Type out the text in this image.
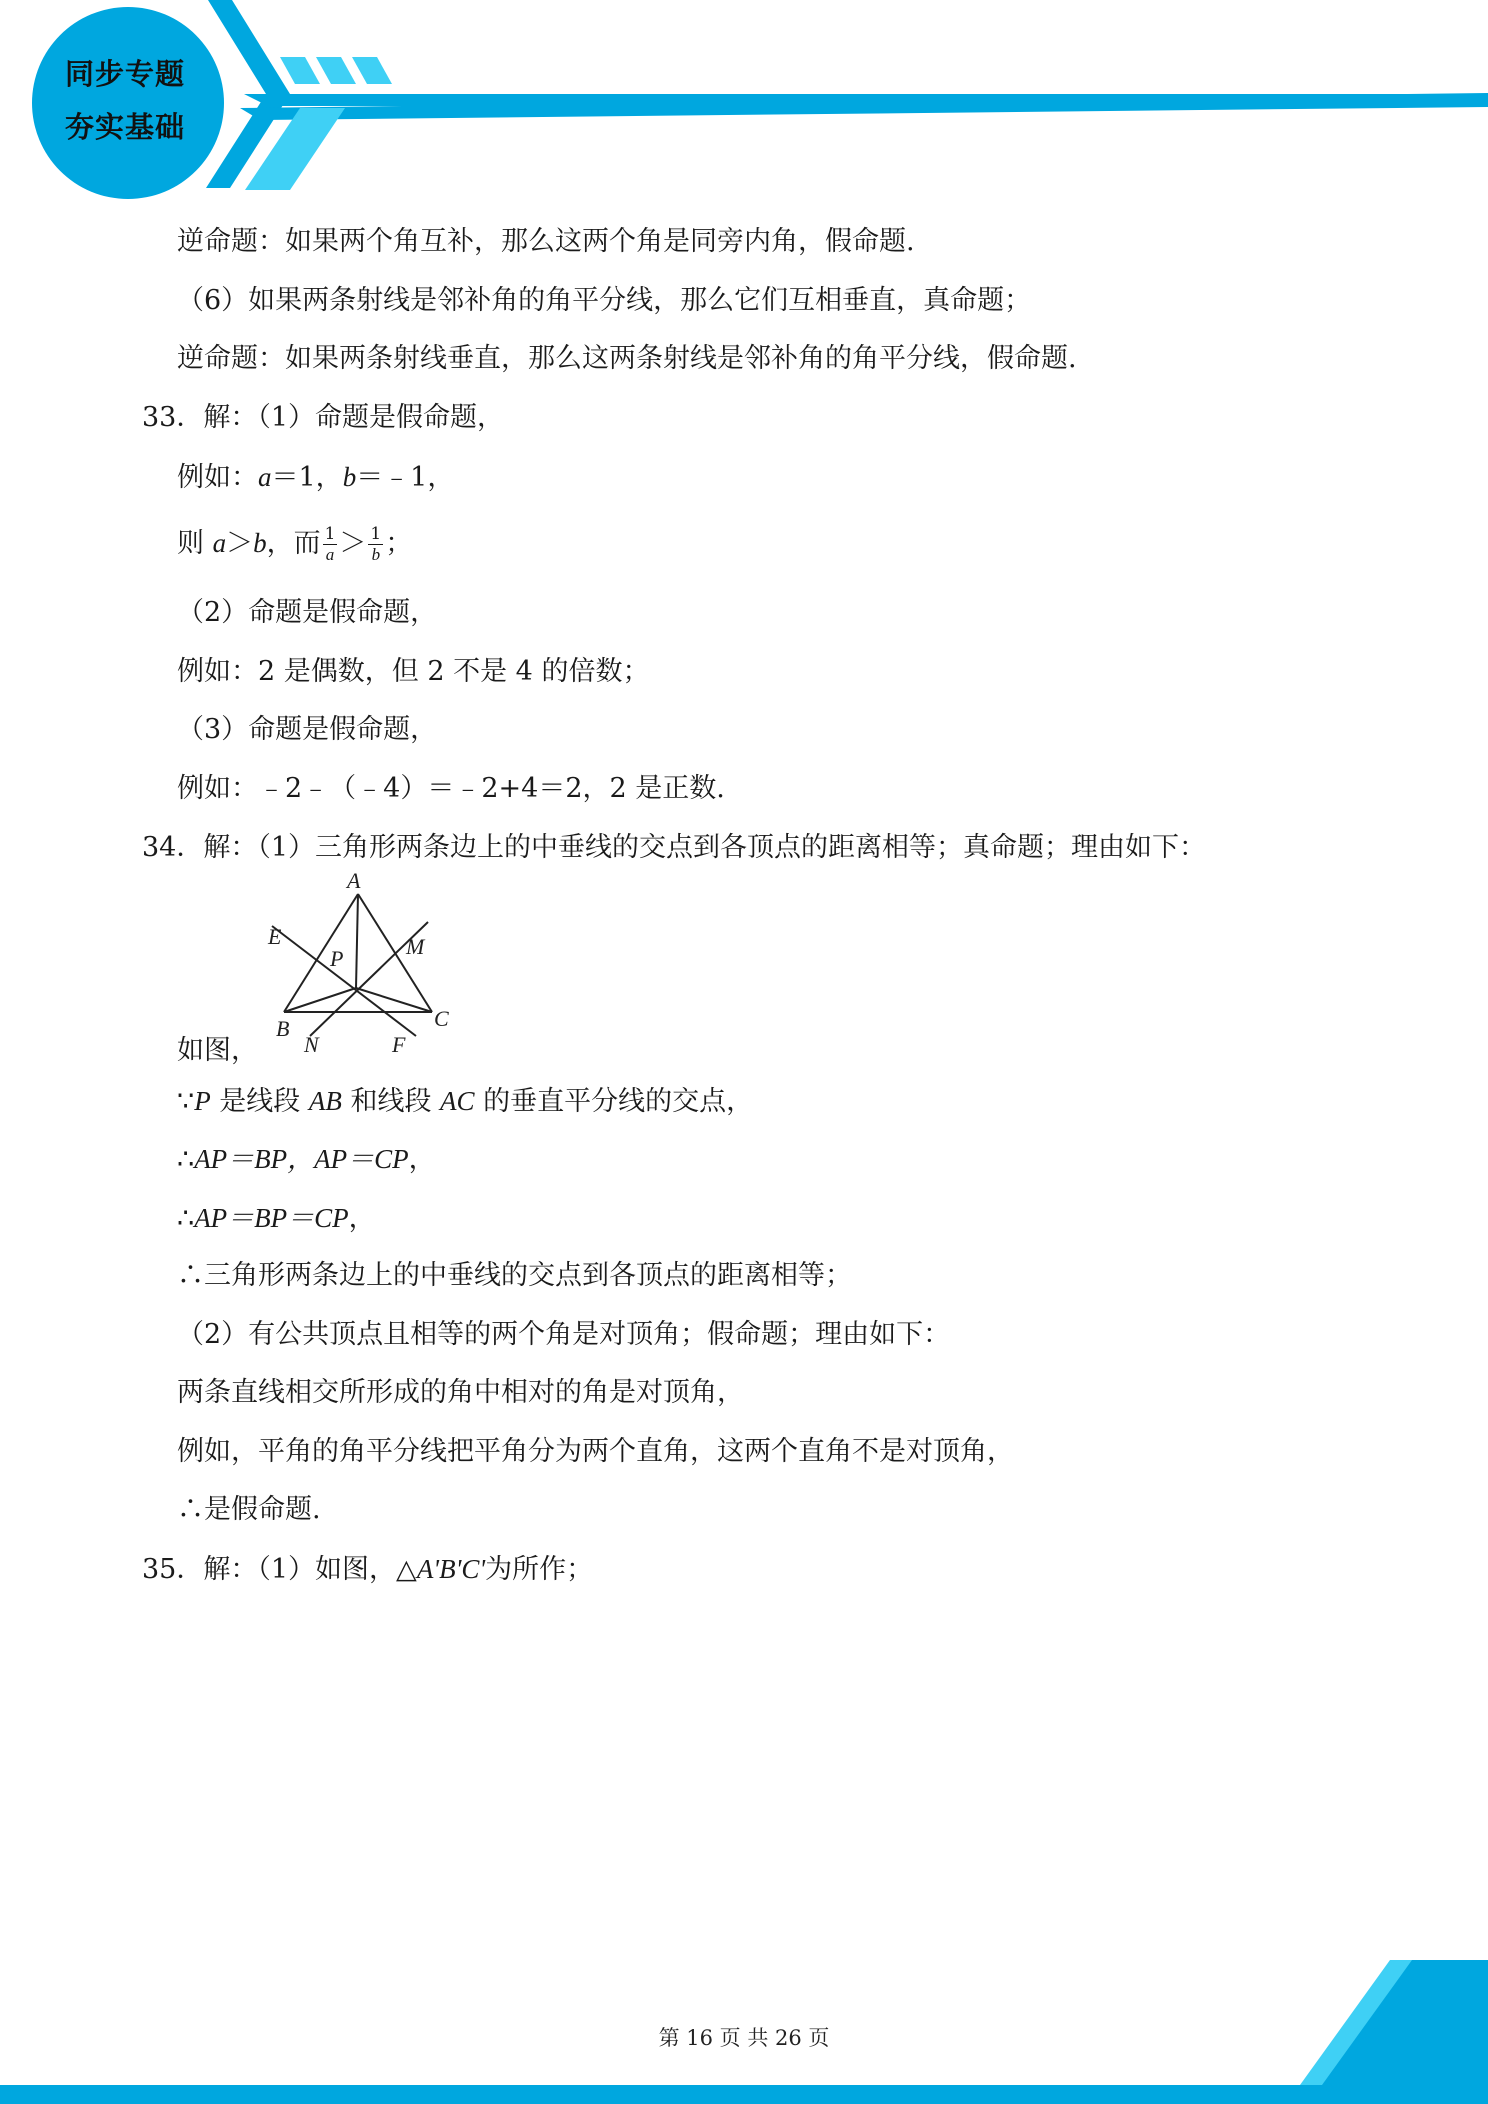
同步专题
夯实基础
逆命题：如果两个角互补，那么这两个角是同旁内角，假命题.
（6）如果两条射线是邻补角的角平分线，那么它们互相垂直，真命题；
逆命题：如果两条射线垂直，那么这两条射线是邻补角的角平分线，假命题.
33．解：（1）命题是假命题，
例如：a＝1，b＝﹣1，
则 a＞b，而 $\frac{1}{a} > \frac{1}{b}$ ；
（2）命题是假命题，
例如：2 是偶数，但 2 不是 4 的倍数；
（3）命题是假命题，
例如：﹣2﹣（﹣4）＝﹣2+4＝2，2 是正数.
34．解：（1）三角形两条边上的中垂线的交点到各顶点的距离相等；真命题；理由如下：
A
E
P	M
B
N	F
C
如图，
∵P 是线段 AB 和线段 AC 的垂直平分线的交点，
∴AP＝BP，AP＝CP，
∴AP＝BP＝CP，
∴三角形两条边上的中垂线的交点到各顶点的距离相等；
（2）有公共顶点且相等的两个角是对顶角；假命题；理由如下：
两条直线相交所形成的角中相对的角是对顶角，
例如，平角的角平分线把平角分为两个直角，这两个直角不是对顶角，
∴是假命题.
35．解：（1）如图，△A'B'C'为所作；
第 16 页 共 26 页
